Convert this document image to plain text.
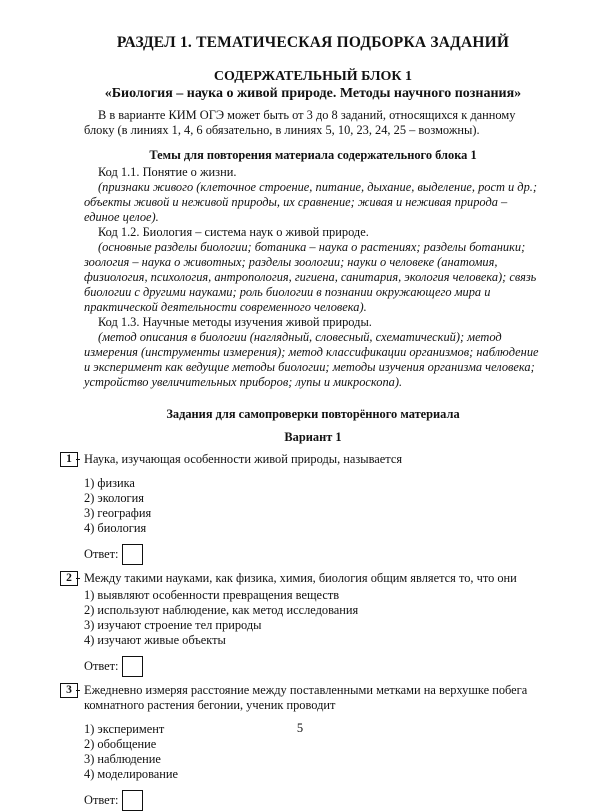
РАЗДЕЛ 1. ТЕМАТИЧЕСКАЯ ПОДБОРКА ЗАДАНИЙ
СОДЕРЖАТЕЛЬНЫЙ БЛОК 1
«Биология – наука о живой природе. Методы научного познания»
В в варианте КИМ ОГЭ может быть от 3 до 8 заданий, относящихся к данному блоку (в линиях 1, 4, 6 обязательно, в линиях 5, 10, 23, 24, 25 – возможны).
Темы для повторения материала содержательного блока 1
Код 1.1. Понятие о жизни.
(признаки живого (клеточное строение, питание, дыхание, выделение, рост и др.; объекты живой и неживой природы, их сравнение; живая и неживая природа – единое целое).
Код 1.2. Биология – система наук о живой природе.
(основные разделы биологии; ботаника – наука о растениях; разделы ботаники; зоология – наука о животных; разделы зоологии; науки о человеке (анатомия, физиология, психология, антропология, гигиена, санитария, экология человека); связь биологии с другими науками; роль биологии в познании окружающего мира и практической деятельности современного человека).
Код 1.3. Научные методы изучения живой природы.
(метод описания в биологии (наглядный, словесный, схематический); метод измерения (инструменты измерения); метод классификации организмов; наблюдение и эксперимент как ведущие методы биологии; методы изучения организма человека; устройство увеличительных приборов; лупы и микроскопа).
Задания для самопроверки повторённого материала
Вариант 1
1 Наука, изучающая особенности живой природы, называется
1) физика
2) экология
3) география
4) биология
Ответ:
2 Между такими науками, как физика, химия, биология общим является то, что они
1) выявляют особенности превращения веществ
2) используют наблюдение, как метод исследования
3) изучают строение тел природы
4) изучают живые объекты
Ответ:
3 Ежедневно измеряя расстояние между поставленными метками на верхушке побега комнатного растения бегонии, ученик проводит
1) эксперимент
2) обобщение
3) наблюдение
4) моделирование
Ответ:
5
